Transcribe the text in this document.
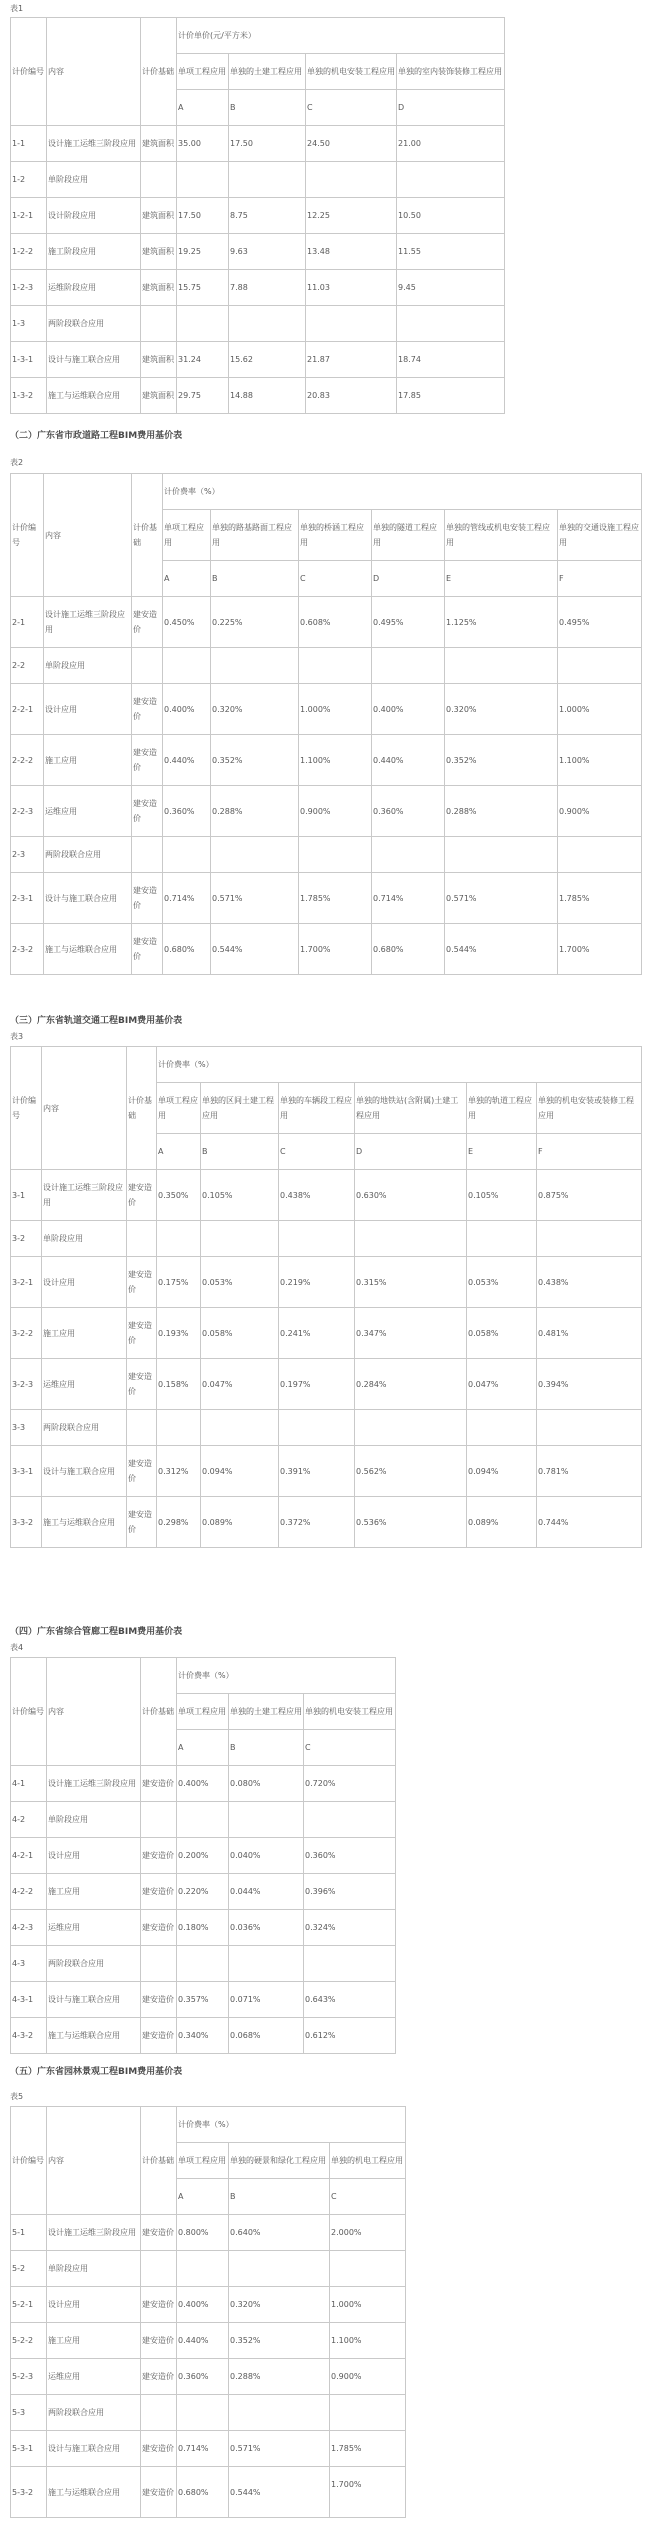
表1
计价编号	内容	计价基础	计价单价(元/平方米）			
			单项工程应用	单独的土建工程应用	单独的机电安装工程应用	单独的室内装饰装修工程应用
			A	B	C	D
1-1	设计施工运维三阶段应用	建筑面积	35.00	17.50	24.50	21.00
1-2	单阶段应用					
1-2-1	设计阶段应用	建筑面积	17.50	8.75	12.25	10.50
1-2-2	施工阶段应用	建筑面积	19.25	9.63	13.48	11.55
1-2-3	运维阶段应用	建筑面积	15.75	7.88	11.03	9.45
1-3	两阶段联合应用					
1-3-1	设计与施工联合应用	建筑面积	31.24	15.62	21.87	18.74
1-3-2	施工与运维联合应用	建筑面积	29.75	14.88	20.83	17.85
（二）广东省市政道路工程BIM费用基价表
表2
计价编号	内容	计价基础	计价费率（%）					
			单项工程应用	单独的路基路面工程应用	单独的桥涵工程应用	单独的隧道工程应用	单独的管线或机电安装工程应用	单独的交通设施工程应用
			A	B	C	D	E	F
2-1	设计施工运维三阶段应用	建安造价	0.450%	0.225%	0.608%	0.495%	1.125%	0.495%
2-2	单阶段应用							
2-2-1	设计应用	建安造价	0.400%	0.320%	1.000%	0.400%	0.320%	1.000%
2-2-2	施工应用	建安造价	0.440%	0.352%	1.100%	0.440%	0.352%	1.100%
2-2-3	运维应用	建安造价	0.360%	0.288%	0.900%	0.360%	0.288%	0.900%
2-3	两阶段联合应用							
2-3-1	设计与施工联合应用	建安造价	0.714%	0.571%	1.785%	0.714%	0.571%	1.785%
2-3-2	施工与运维联合应用	建安造价	0.680%	0.544%	1.700%	0.680%	0.544%	1.700%
（三）广东省轨道交通工程BIM费用基价表
表3
计价编号	内容	计价基础	计价费率（%）					
			单项工程应用	单独的区间土建工程应用	单独的车辆段工程应用	单独的地铁站(含附属)土建工程应用	单独的轨道工程应用	单独的机电安装或装修工程应用
			A	B	C	D	E	F
3-1	设计施工运维三阶段应用	建安造价	0.350%	0.105%	0.438%	0.630%	0.105%	0.875%
3-2	单阶段应用							
3-2-1	设计应用	建安造价	0.175%	0.053%	0.219%	0.315%	0.053%	0.438%
3-2-2	施工应用	建安造价	0.193%	0.058%	0.241%	0.347%	0.058%	0.481%
3-2-3	运维应用	建安造价	0.158%	0.047%	0.197%	0.284%	0.047%	0.394%
3-3	两阶段联合应用							
3-3-1	设计与施工联合应用	建安造价	0.312%	0.094%	0.391%	0.562%	0.094%	0.781%
3-3-2	施工与运维联合应用	建安造价	0.298%	0.089%	0.372%	0.536%	0.089%	0.744%
（四）广东省综合管廊工程BIM费用基价表
表4
计价编号	内容	计价基础	计价费率（%）		
			单项工程应用	单独的土建工程应用	单独的机电安装工程应用
			A	B	C
4-1	设计施工运维三阶段应用	建安造价	0.400%	0.080%	0.720%
4-2	单阶段应用				
4-2-1	设计应用	建安造价	0.200%	0.040%	0.360%
4-2-2	施工应用	建安造价	0.220%	0.044%	0.396%
4-2-3	运维应用	建安造价	0.180%	0.036%	0.324%
4-3	两阶段联合应用				
4-3-1	设计与施工联合应用	建安造价	0.357%	0.071%	0.643%
4-3-2	施工与运维联合应用	建安造价	0.340%	0.068%	0.612%
（五）广东省园林景观工程BIM费用基价表
表5
计价编号	内容	计价基础	计价费率（%）		
			单项工程应用	单独的硬景和绿化工程应用	单独的机电工程应用
			A	B	C
5-1	设计施工运维三阶段应用	建安造价	0.800%	0.640%	2.000%
5-2	单阶段应用				
5-2-1	设计应用	建安造价	0.400%	0.320%	1.000%
5-2-2	施工应用	建安造价	0.440%	0.352%	1.100%
5-2-3	运维应用	建安造价	0.360%	0.288%	0.900%
5-3	两阶段联合应用				
5-3-1	设计与施工联合应用	建安造价	0.714%	0.571%	1.785%
5-3-2	施工与运维联合应用	建安造价	0.680%	0.544%	1.700%
